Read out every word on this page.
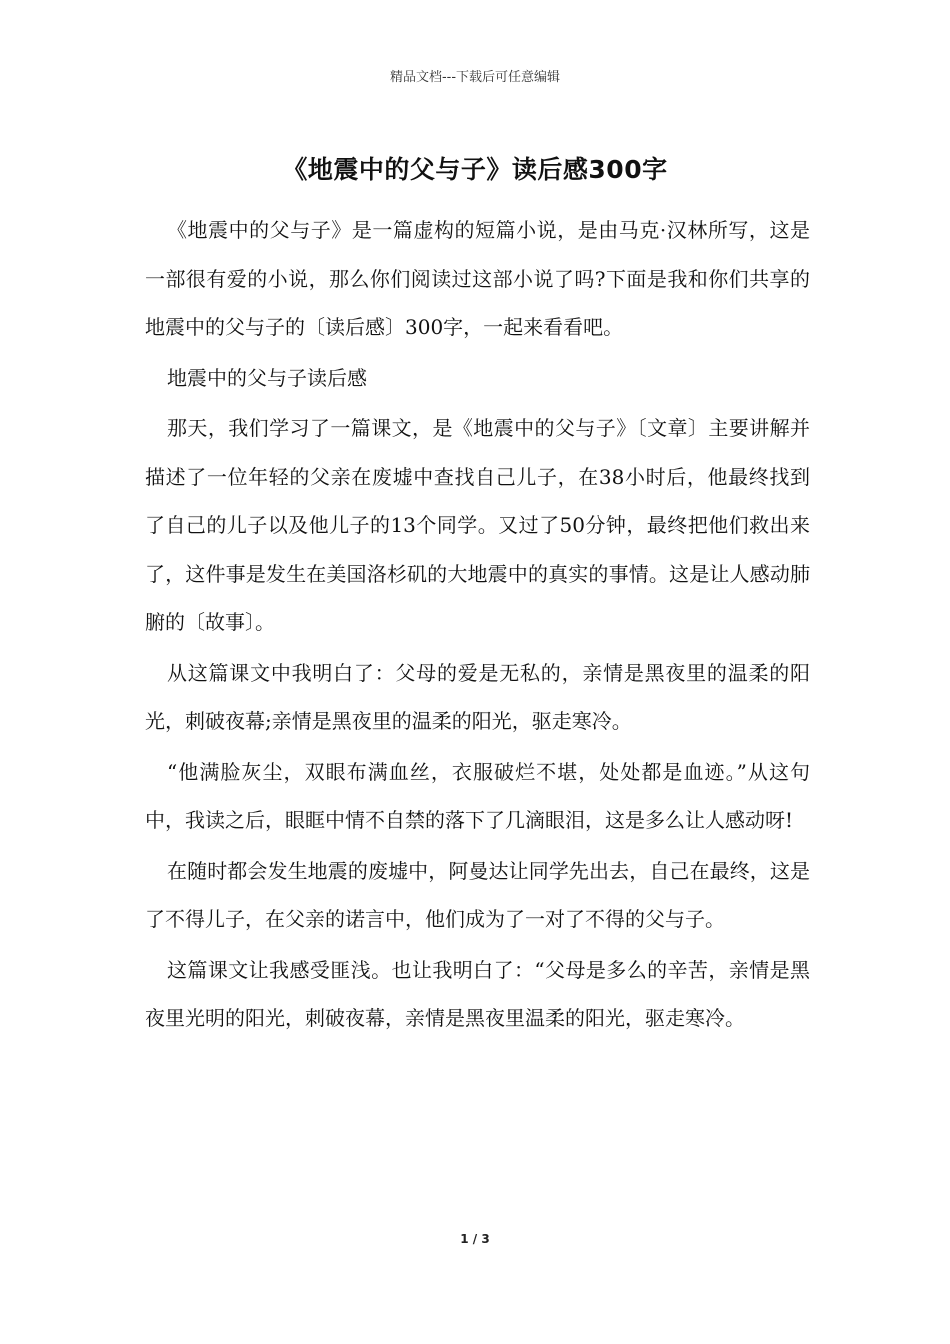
精品文档---下载后可任意编辑
《地震中的父与子》读后感300字

《地震中的父与子》是一篇虚构的短篇小说，是由马克·汉林所写，这是一部很有爱的小说，那么你们阅读过这部小说了吗?下面是我和你们共享的地震中的父与子的〔读后感〕300字，一起来看看吧。

地震中的父与子读后感

那天，我们学习了一篇课文，是《地震中的父与子》〔文章〕主要讲解并描述了一位年轻的父亲在废墟中查找自己儿子，在38小时后，他最终找到了自己的儿子以及他儿子的13个同学。又过了50分钟，最终把他们救出来了，这件事是发生在美国洛杉矶的大地震中的真实的事情。这是让人感动肺腑的〔故事〕。

从这篇课文中我明白了：父母的爱是无私的，亲情是黑夜里的温柔的阳光，刺破夜幕;亲情是黑夜里的温柔的阳光，驱走寒冷。

“他满脸灰尘，双眼布满血丝，衣服破烂不堪，处处都是血迹。”从这句中，我读之后，眼眶中情不自禁的落下了几滴眼泪，这是多么让人感动呀!

在随时都会发生地震的废墟中，阿曼达让同学先出去，自己在最终，这是了不得儿子，在父亲的诺言中，他们成为了一对了不得的父与子。

这篇课文让我感受匪浅。也让我明白了：“父母是多么的辛苦，亲情是黑夜里光明的阳光，刺破夜幕，亲情是黑夜里温柔的阳光，驱走寒冷。

1 / 3
